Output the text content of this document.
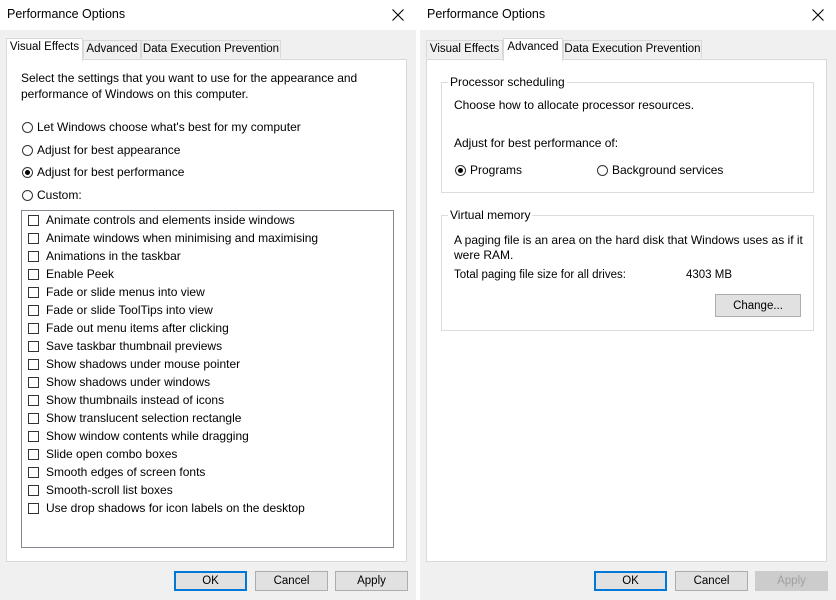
Performance Options
Visual Effects Advanced Data Execution Prevention
Select the settings that you want to use for the appearance and
performance of Windows on this computer.
Let Windows choose what's best for my computer
Adjust for best appearance
Adjust for best performance
Custom:
Animate controls and elements inside windows
Animate windows when minimising and maximising
Animations in the taskbar
Enable Peek
Fade or slide menus into view
Fade or slide ToolTips into view
Fade out menu items after clicking
Save taskbar thumbnail previews
Show shadows under mouse pointer
Show shadows under windows
Show thumbnails instead of icons
Show translucent selection rectangle
Show window contents while dragging
Slide open combo boxes
Smooth edges of screen fonts
Smooth-scroll list boxes
Use drop shadows for icon labels on the desktop
OK	Cancel	Apply
Performance Options
Visual Effects Advanced Data Execution Prevention
Processor scheduling
Choose how to allocate processor resources.
Adjust for best performance of:
Programs	Background services
Virtual memory
A paging file is an area on the hard disk that Windows uses as if it
were RAM.
Total paging file size for all drives:	4303 MB
Change...
OK	Cancel	Apply
